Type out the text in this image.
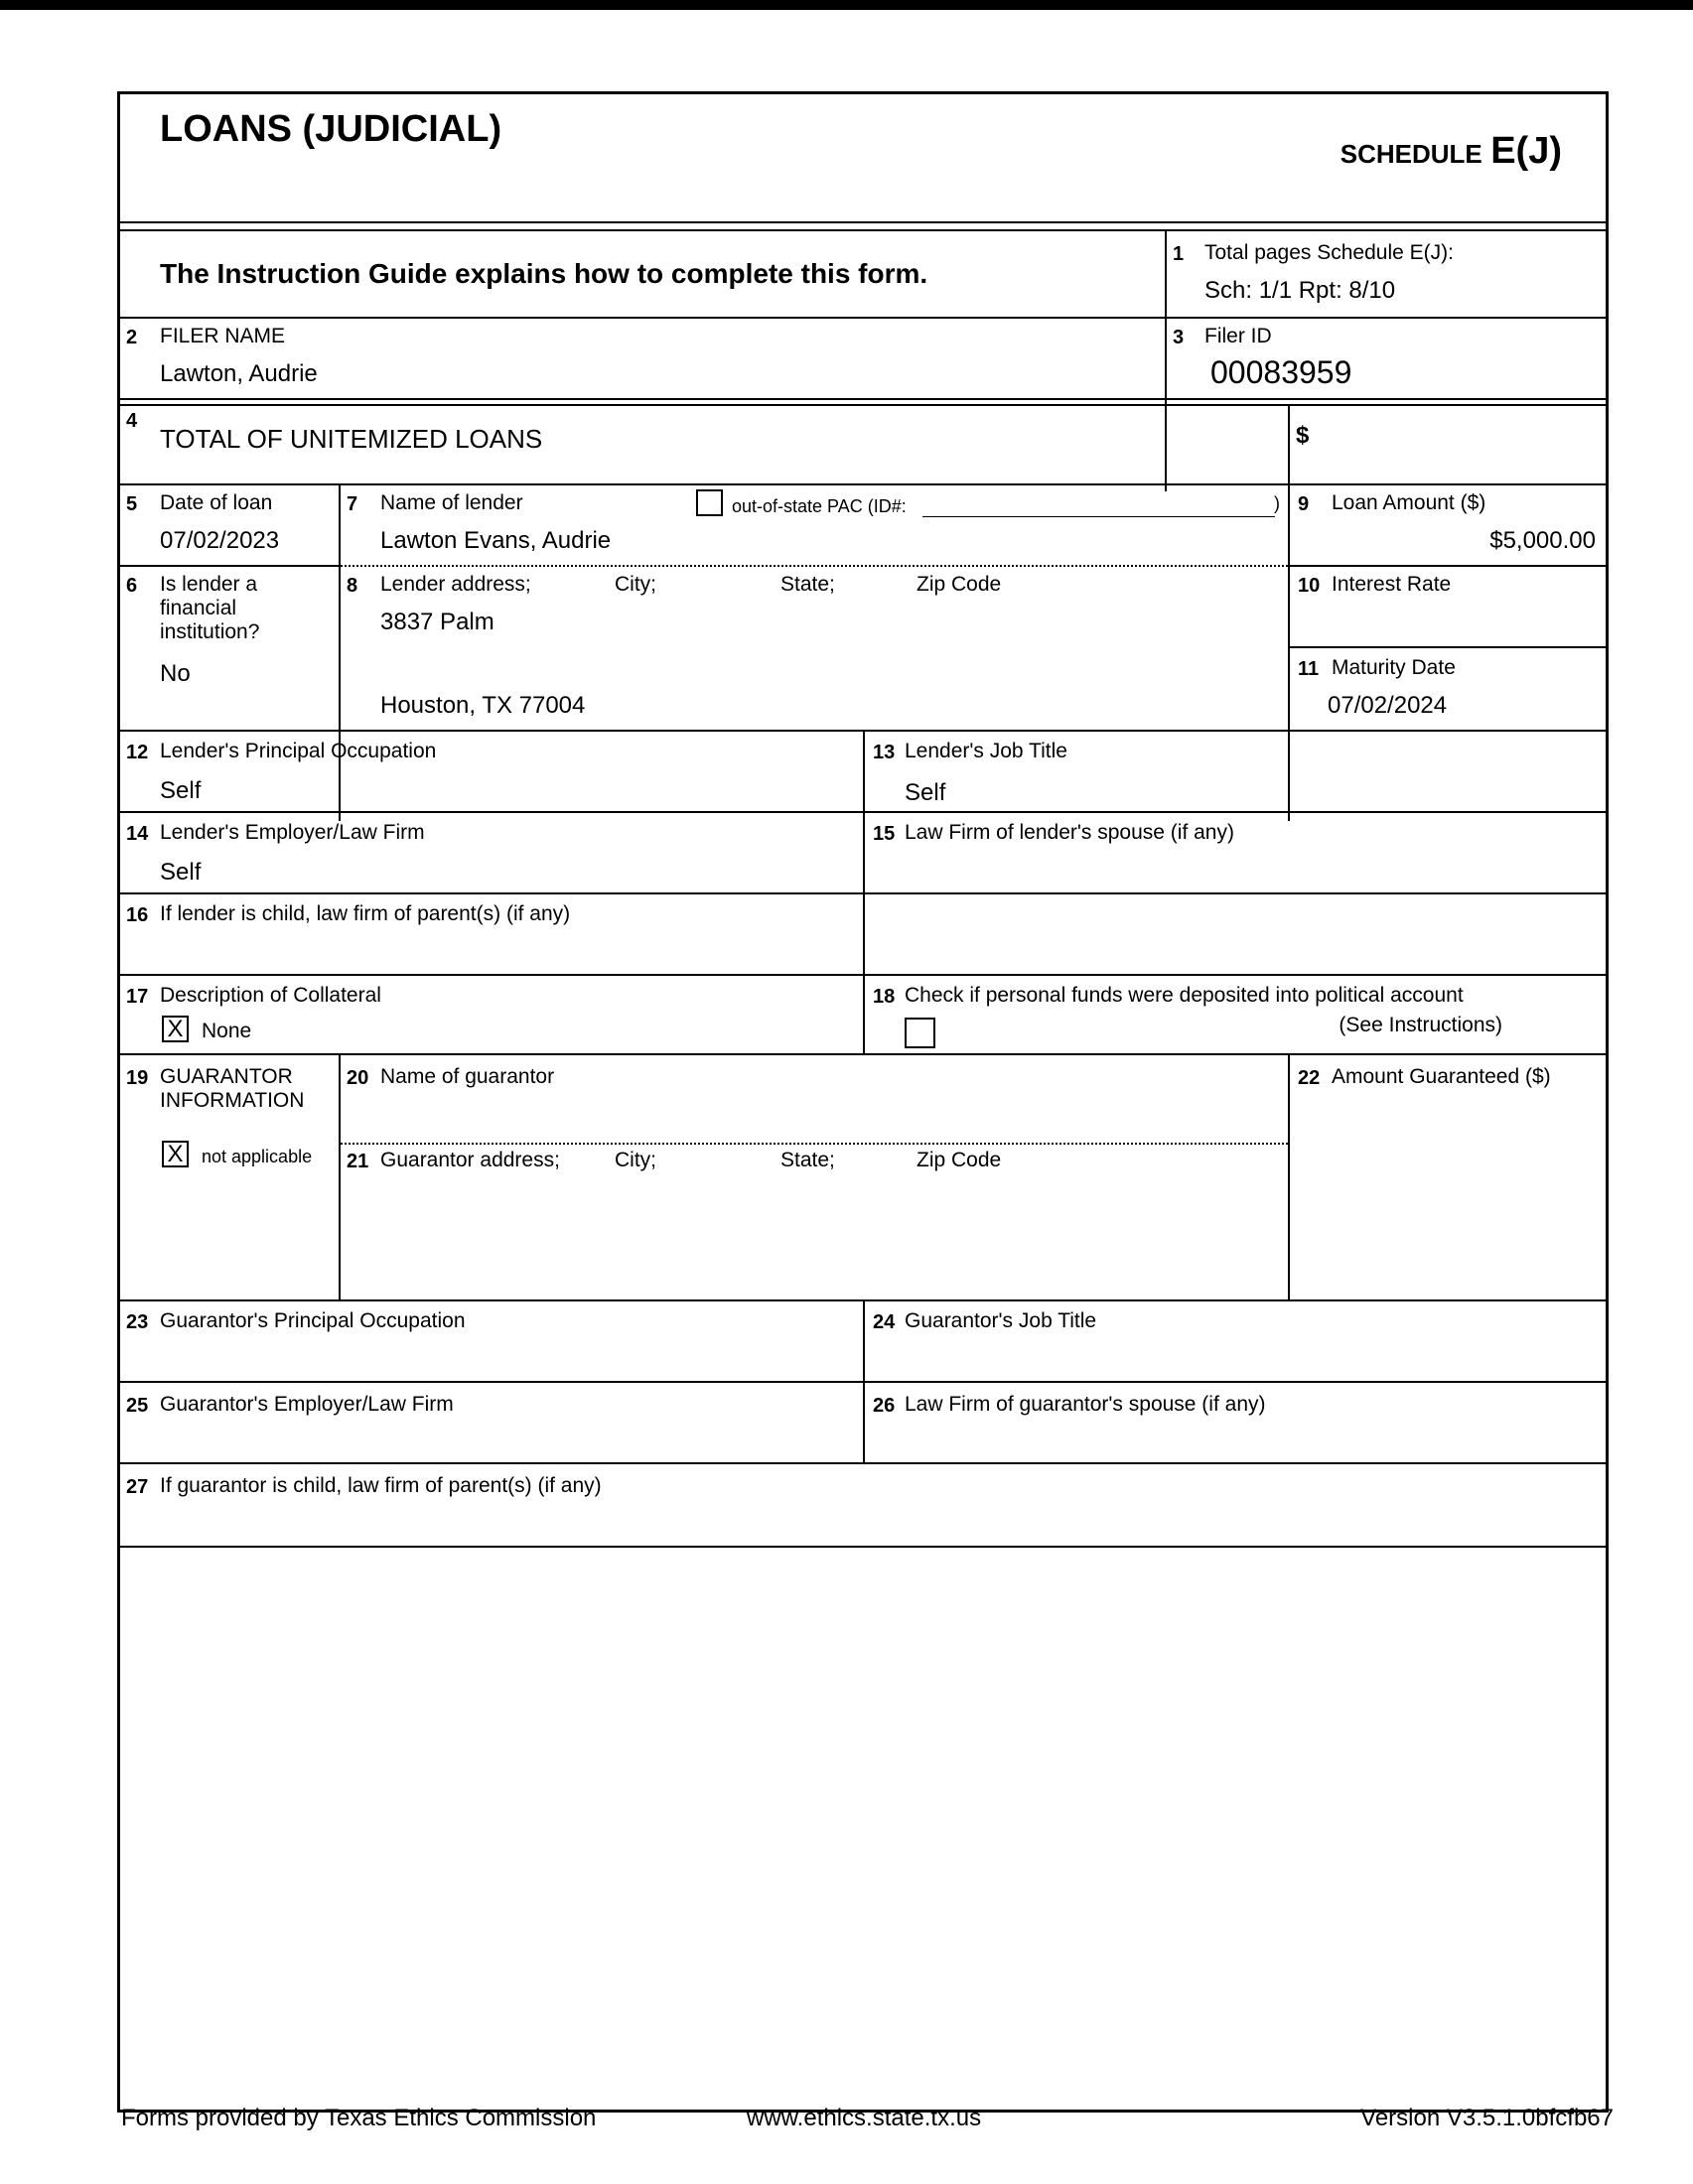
LOANS (JUDICIAL)
SCHEDULE E(J)
The Instruction Guide explains how to complete this form.
1 Total pages Schedule E(J):
Sch: 1/1 Rpt: 8/10
2 FILER NAME
Lawton, Audrie
3 Filer ID
00083959
4
TOTAL OF UNITEMIZED LOANS	$
5 Date of loan
07/02/2023
7 Name of lender	out-of-state PAC (ID#:	)
Lawton Evans, Audrie
9 Loan Amount ($)
$5,000.00
6 Is lender a
financial
institution?
No
8 Lender address;	City;	State;	Zip Code
3837 Palm
Houston, TX 77004
10 Interest Rate
11 Maturity Date
07/02/2024
12 Lender's Principal Occupation
Self
13 Lender's Job Title
Self
14 Lender's Employer/Law Firm
Self
15 Law Firm of lender's spouse (if any)
16 If lender is child, law firm of parent(s) (if any)
17 Description of Collateral
X None
18 Check if personal funds were deposited into political account
(See Instructions)
19 GUARANTOR
INFORMATION
X	not applicable
20 Name of guarantor
21 Guarantor address;	City;	State;	Zip Code
22 Amount Guaranteed ($)
23 Guarantor's Principal Occupation	24 Guarantor's Job Title
25 Guarantor's Employer/Law Firm	26 Law Firm of guarantor's spouse (if any)
27 If guarantor is child, law firm of parent(s) (if any)
Forms provided by Texas Ethics Commission	www.ethics.state.tx.us	Version V3.5.1.0bfcfb67
